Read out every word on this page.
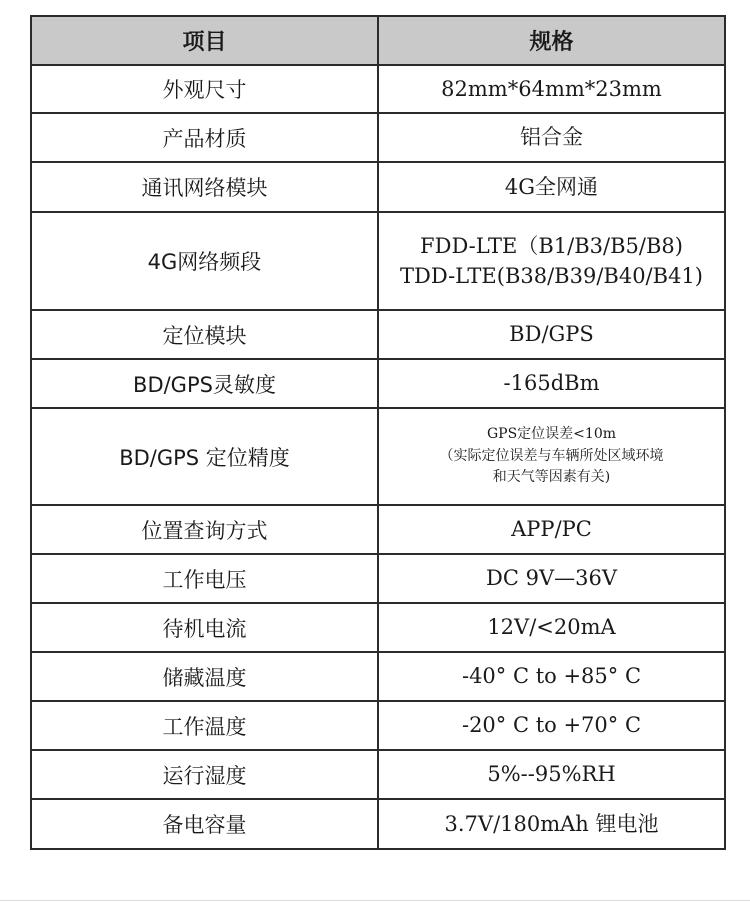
项目	规格
外观尺寸	82mm*64mm*23mm

产品材质	铝合金

通讯网络模块	4G全网通

4G网络频段	FDD-LTE（B1/B3/B5/B8)
TDD-LTE(B38/B39/B40/B41)

定位模块	BD/GPS

BD/GPS灵敏度	-165dBm

BD/GPS 定位精度	GPS定位误差<10m
（实际定位误差与车辆所处区域环境
和天气等因素有关)

位置查询方式	APP/PC

工作电压	DC 9V—36V

待机电流	12V/<20mA

储藏温度	-40° C to +85° C

工作温度	-20° C to +70° C

运行湿度	5%--95%RH

备电容量	3.7V/180mAh 锂电池
